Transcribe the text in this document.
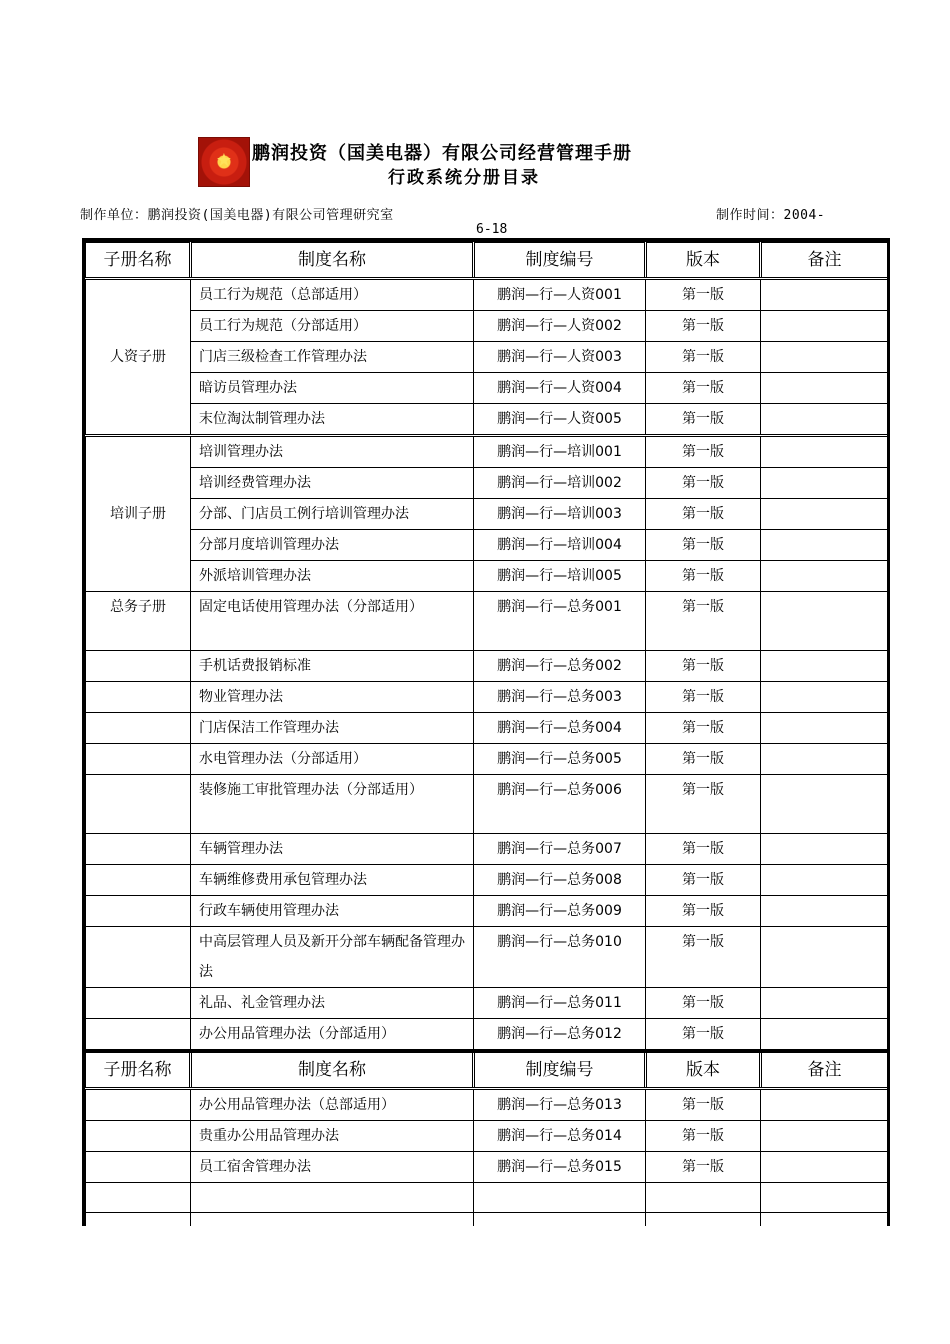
★	鹏润投资（国美电器）有限公司经营管理手册
行政系统分册目录
制作单位：鹏润投资(国美电器)有限公司管理研究室	制作时间：2004-
6-18
子册名称	制度名称	制度编号	版本	备注
人资子册	员工行为规范（总部适用）	鹏润—行—人资001	第一版	
	员工行为规范（分部适用）	鹏润—行—人资002	第一版	
	门店三级检查工作管理办法	鹏润—行—人资003	第一版	
	暗访员管理办法	鹏润—行—人资004	第一版	
	末位淘汰制管理办法	鹏润—行—人资005	第一版	
培训子册	培训管理办法	鹏润—行—培训001	第一版	
	培训经费管理办法	鹏润—行—培训002	第一版	
	分部、门店员工例行培训管理办法	鹏润—行—培训003	第一版	
	分部月度培训管理办法	鹏润—行—培训004	第一版	
	外派培训管理办法	鹏润—行—培训005	第一版	
总务子册	固定电话使用管理办法（分部适用）	鹏润—行—总务001	第一版	
	手机话费报销标准	鹏润—行—总务002	第一版	
	物业管理办法	鹏润—行—总务003	第一版	
	门店保洁工作管理办法	鹏润—行—总务004	第一版	
	水电管理办法（分部适用）	鹏润—行—总务005	第一版	
	装修施工审批管理办法（分部适用）	鹏润—行—总务006	第一版	
	车辆管理办法	鹏润—行—总务007	第一版	
	车辆维修费用承包管理办法	鹏润—行—总务008	第一版	
	行政车辆使用管理办法	鹏润—行—总务009	第一版	
	中高层管理人员及新开分部车辆配备管理办法	鹏润—行—总务010	第一版	
	礼品、礼金管理办法	鹏润—行—总务011	第一版	
	办公用品管理办法（分部适用）	鹏润—行—总务012	第一版	
子册名称	制度名称	制度编号	版本	备注
	办公用品管理办法（总部适用）	鹏润—行—总务013	第一版	
	贵重办公用品管理办法	鹏润—行—总务014	第一版	
	员工宿舍管理办法	鹏润—行—总务015	第一版	
